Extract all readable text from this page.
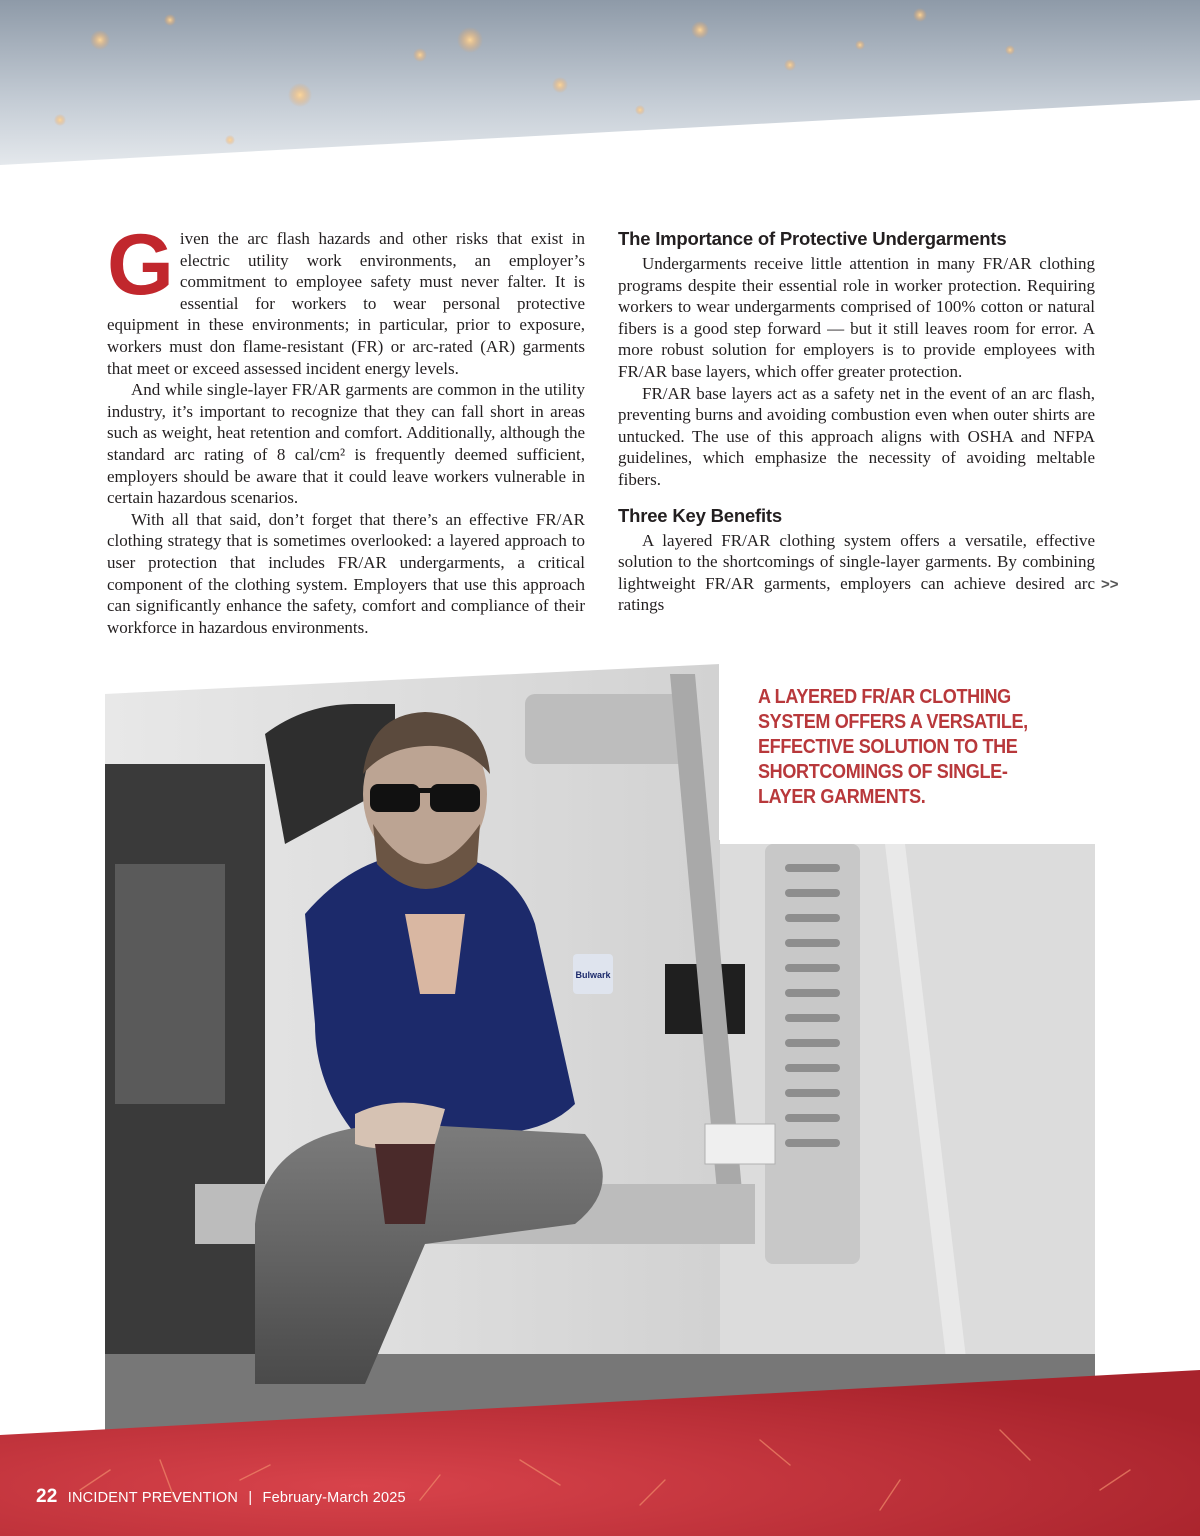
Given the arc flash hazards and other risks that exist in electric utility work environments, an employer’s commitment to employee safety must never falter. It is essential for workers to wear personal protective equipment in these environments; in particular, prior to exposure, workers must don flame-resistant (FR) or arc-rated (AR) garments that meet or exceed assessed incident energy levels.

And while single-layer FR/AR garments are common in the utility industry, it’s important to recognize that they can fall short in areas such as weight, heat retention and comfort. Additionally, although the standard arc rating of 8 cal/cm² is frequently deemed sufficient, employers should be aware that it could leave workers vulnerable in certain hazardous scenarios.

With all that said, don’t forget that there’s an effective FR/AR clothing strategy that is sometimes overlooked: a layered approach to user protection that includes FR/AR undergarments, a critical component of the clothing system. Employers that use this approach can significantly enhance the safety, comfort and compliance of their workforce in hazardous environments.

The Importance of Protective Undergarments

Undergarments receive little attention in many FR/AR clothing programs despite their essential role in worker protection. Requiring workers to wear undergarments comprised of 100% cotton or natural fibers is a good step forward — but it still leaves room for error. A more robust solution for employers is to provide employees with FR/AR base layers, which offer greater protection.

FR/AR base layers act as a safety net in the event of an arc flash, preventing burns and avoiding combustion even when outer shirts are untucked. The use of this approach aligns with OSHA and NFPA guidelines, which emphasize the necessity of avoiding meltable fibers.

Three Key Benefits

A layered FR/AR clothing system offers a versatile, effective solution to the shortcomings of single-layer garments. By combining lightweight FR/AR garments, employers can achieve desired arc ratings

>>
Bulwark
A LAYERED FR/AR CLOTHING SYSTEM OFFERS A VERSATILE, EFFECTIVE SOLUTION TO THE SHORTCOMINGS OF SINGLE-LAYER GARMENTS.
22 INCIDENT PREVENTION | February-March 2025
